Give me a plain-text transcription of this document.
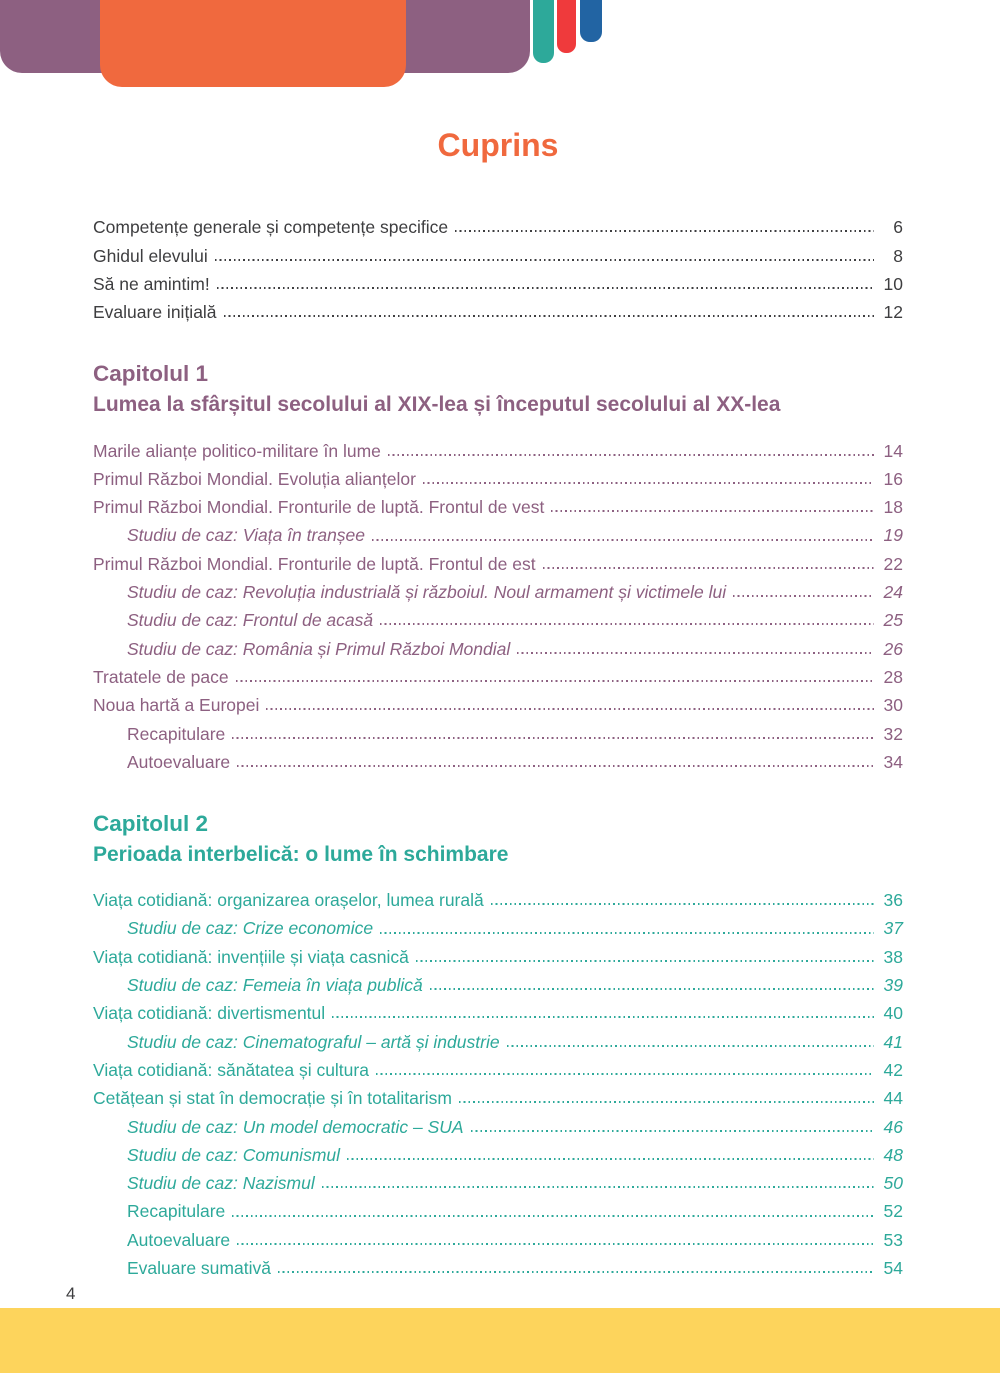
Cuprins
Competențe generale și competențe specifice	6
Ghidul elevului	8
Să ne amintim!	10
Evaluare inițială	12
Capitolul 1
Lumea la sfârșitul secolului al XIX-lea și începutul secolului al XX-lea
Marile alianțe politico-militare în lume	14
Primul Război Mondial. Evoluția alianțelor	16
Primul Război Mondial. Fronturile de luptă. Frontul de vest	18
Studiu de caz: Viața în tranșee	19
Primul Război Mondial. Fronturile de luptă. Frontul de est	22
Studiu de caz: Revoluția industrială și războiul. Noul armament și victimele lui	24
Studiu de caz: Frontul de acasă	25
Studiu de caz: România și Primul Război Mondial	26
Tratatele de pace	28
Noua hartă a Europei	30
Recapitulare	32
Autoevaluare	34
Capitolul 2
Perioada interbelică: o lume în schimbare
Viața cotidiană: organizarea orașelor, lumea rurală	36
Studiu de caz: Crize economice	37
Viața cotidiană: invențiile și viața casnică	38
Studiu de caz: Femeia în viața publică	39
Viața cotidiană: divertismentul	40
Studiu de caz: Cinematograful – artă și industrie	41
Viața cotidiană: sănătatea și cultura	42
Cetățean și stat în democrație și în totalitarism	44
Studiu de caz: Un model democratic – SUA	46
Studiu de caz: Comunismul	48
Studiu de caz: Nazismul	50
Recapitulare	52
Autoevaluare	53
Evaluare sumativă	54
4
